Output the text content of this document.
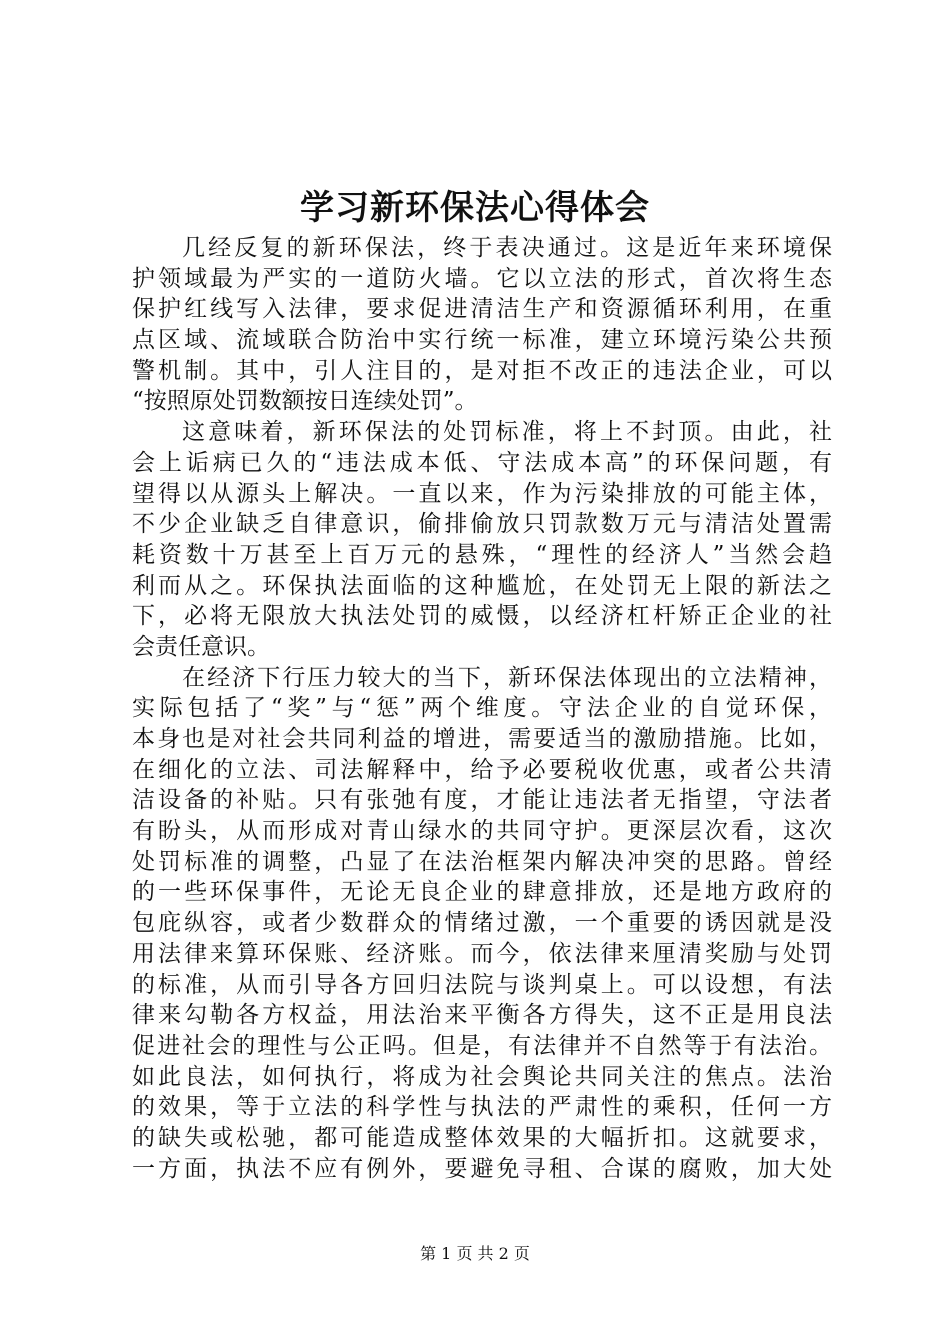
学习新环保法心得体会
几经反复的新环保法，终于表决通过。这是近年来环境保
护领域最为严实的一道防火墙。它以立法的形式，首次将生态
保护红线写入法律，要求促进清洁生产和资源循环利用，在重
点区域、流域联合防治中实行统一标准，建立环境污染公共预
警机制。其中，引人注目的，是对拒不改正的违法企业，可以
“按照原处罚数额按日连续处罚”。
这意味着，新环保法的处罚标准，将上不封顶。由此，社
会上诟病已久的“违法成本低、守法成本高”的环保问题，有
望得以从源头上解决。一直以来，作为污染排放的可能主体，
不少企业缺乏自律意识，偷排偷放只罚款数万元与清洁处置需
耗资数十万甚至上百万元的悬殊，“理性的经济人”当然会趋
利而从之。环保执法面临的这种尴尬，在处罚无上限的新法之
下，必将无限放大执法处罚的威慑，以经济杠杆矫正企业的社
会责任意识。
在经济下行压力较大的当下，新环保法体现出的立法精神，
实际包括了“奖”与“惩”两个维度。守法企业的自觉环保，
本身也是对社会共同利益的增进，需要适当的激励措施。比如，
在细化的立法、司法解释中，给予必要税收优惠，或者公共清
洁设备的补贴。只有张弛有度，才能让违法者无指望，守法者
有盼头，从而形成对青山绿水的共同守护。更深层次看，这次
处罚标准的调整，凸显了在法治框架内解决冲突的思路。曾经
的一些环保事件，无论无良企业的肆意排放，还是地方政府的
包庇纵容，或者少数群众的情绪过激，一个重要的诱因就是没
用法律来算环保账、经济账。而今，依法律来厘清奖励与处罚
的标准，从而引导各方回归法院与谈判桌上。可以设想，有法
律来勾勒各方权益，用法治来平衡各方得失，这不正是用良法
促进社会的理性与公正吗。但是，有法律并不自然等于有法治。
如此良法，如何执行，将成为社会舆论共同关注的焦点。法治
的效果，等于立法的科学性与执法的严肃性的乘积，任何一方
的缺失或松驰，都可能造成整体效果的大幅折扣。这就要求，
一方面，执法不应有例外，要避免寻租、合谋的腐败，加大处
第 1 页 共 2 页
